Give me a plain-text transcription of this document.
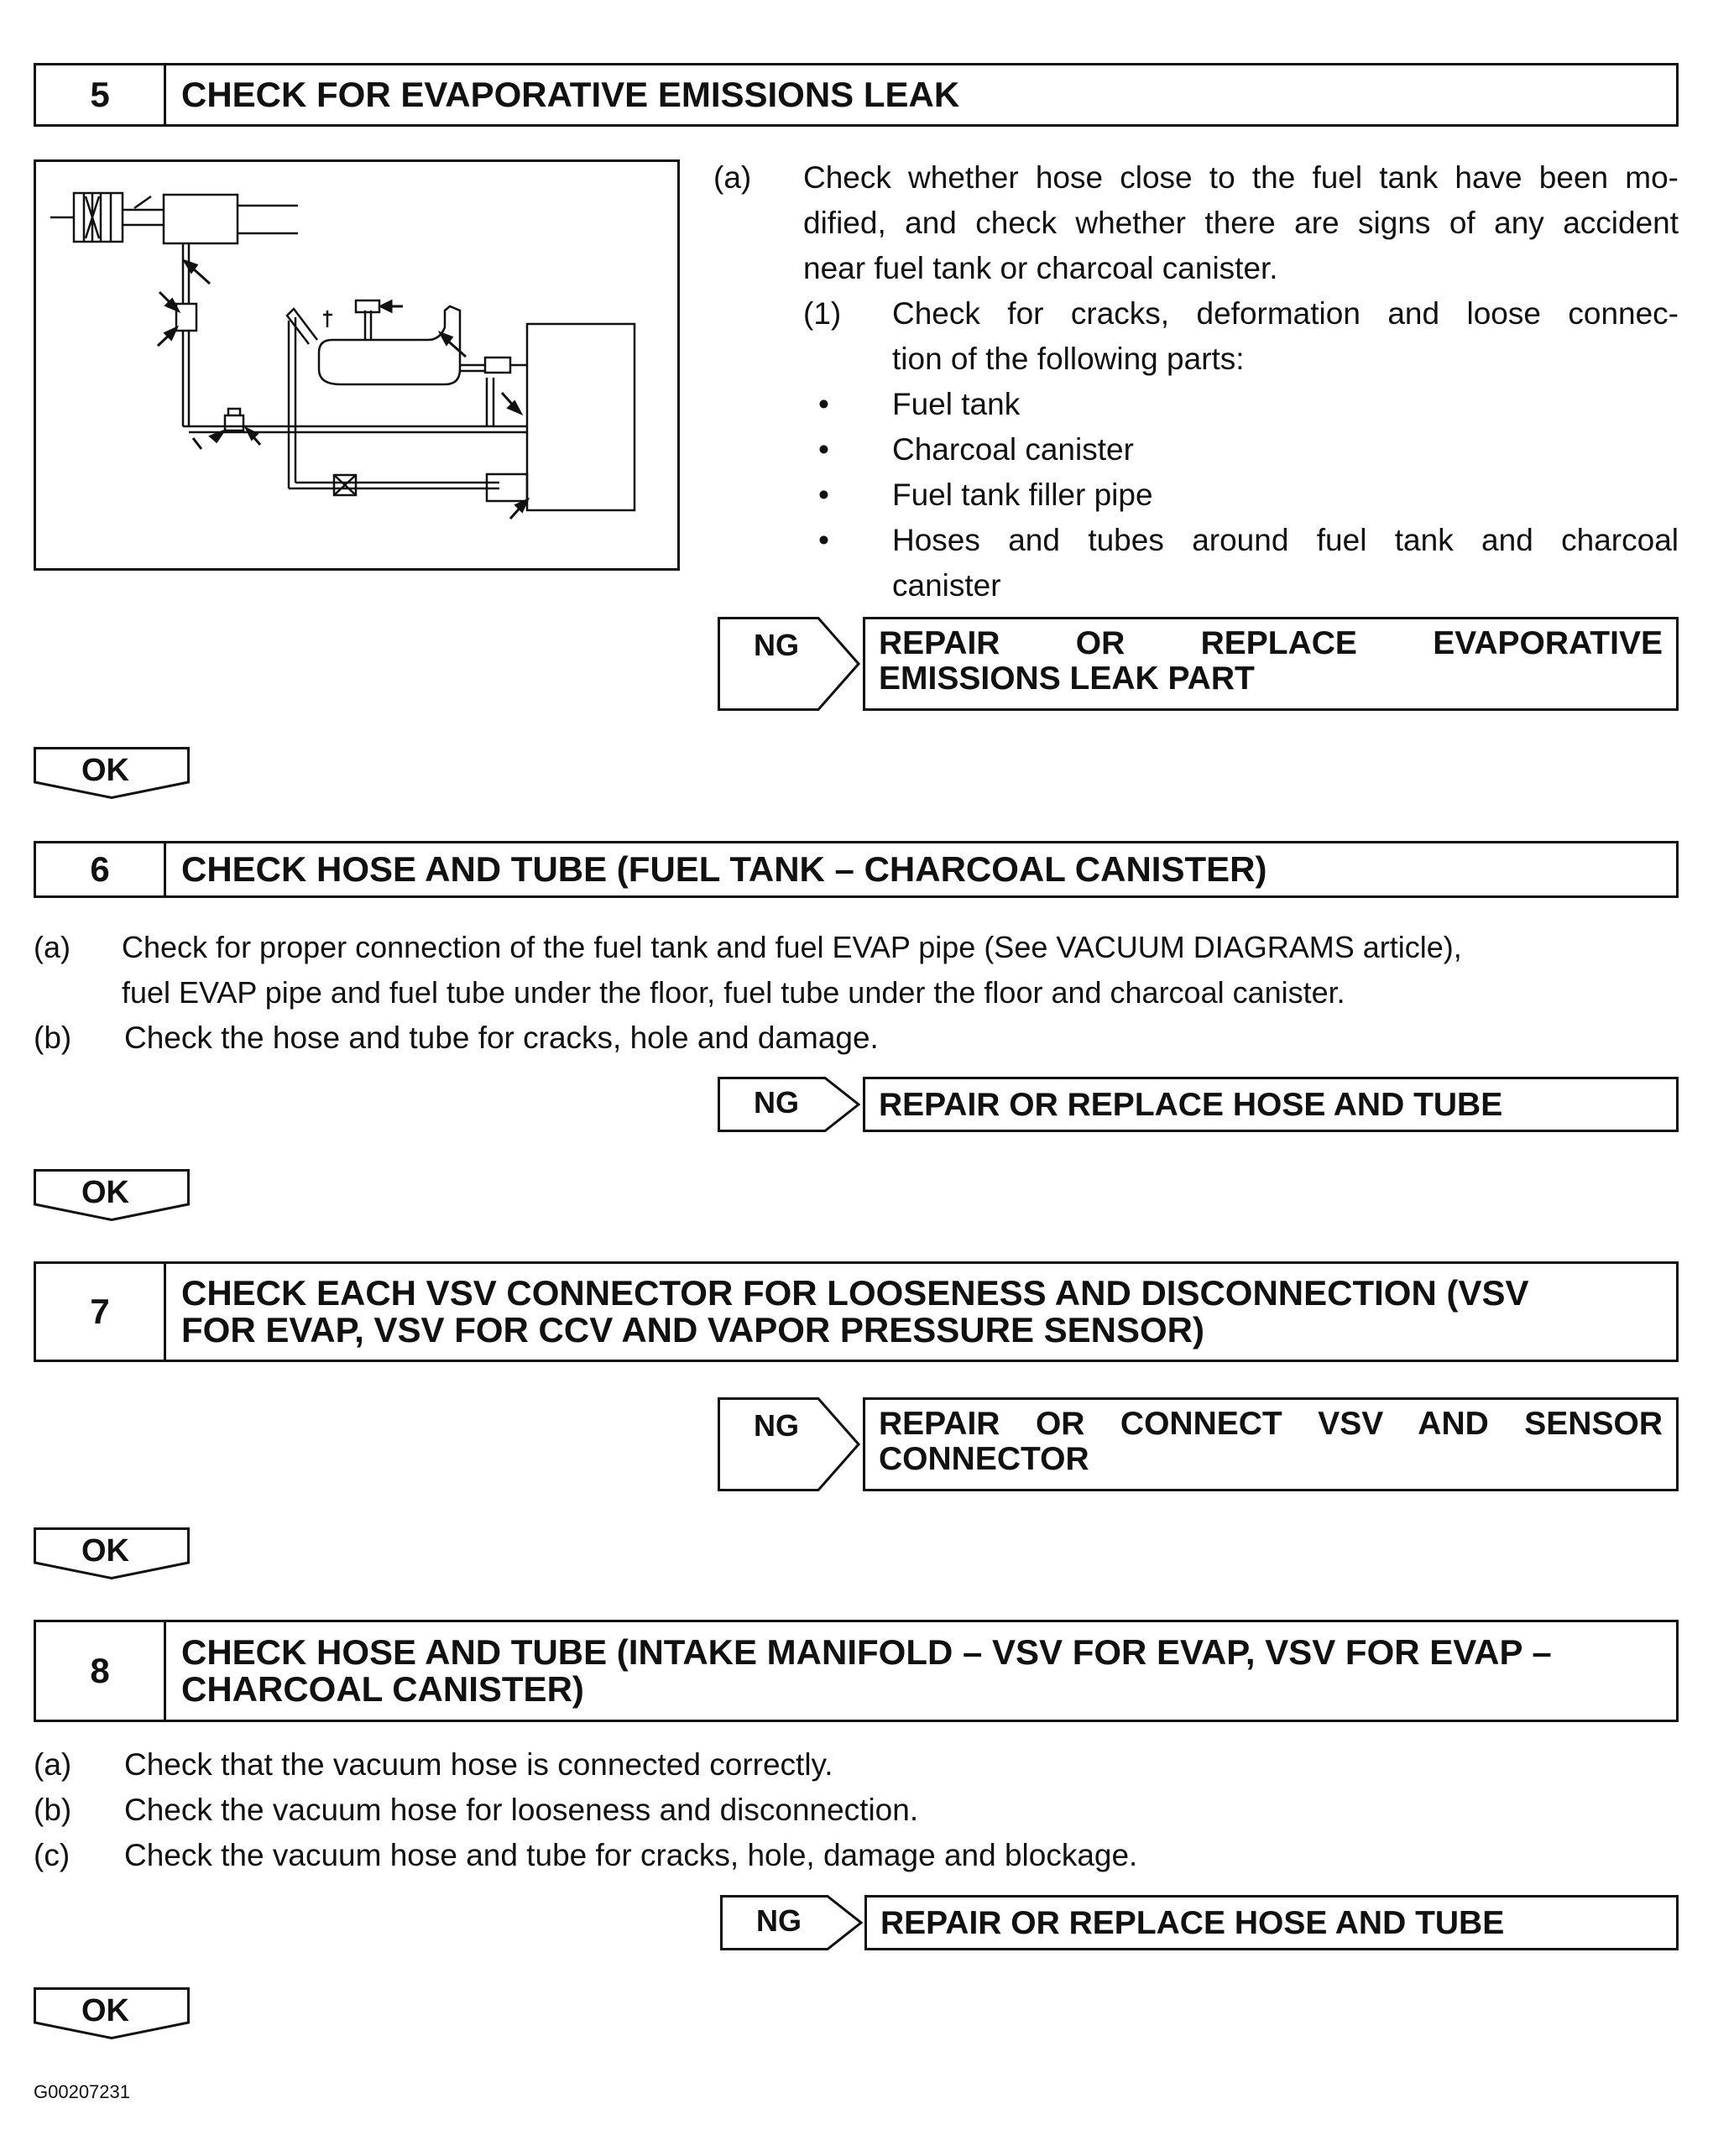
5	CHECK FOR EVAPORATIVE EMISSIONS LEAK
(a) Check whether hose close to the fuel tank have been mo-
dified, and check whether there are signs of any accident
near fuel tank or charcoal canister.
(1) Check for cracks, deformation and loose connec-
tion of the following parts:
• Fuel tank
• Charcoal canister
• Fuel tank filler pipe
• Hoses and tubes around fuel tank and charcoal
canister
NG REPAIR OR REPLACE EVAPORATIVE
EMISSIONS LEAK PART
OK
6	CHECK HOSE AND TUBE (FUEL TANK – CHARCOAL CANISTER)
(a) Check for proper connection of the fuel tank and fuel EVAP pipe (See VACUUM DIAGRAMS article),
fuel EVAP pipe and fuel tube under the floor, fuel tube under the floor and charcoal canister.
(b) Check the hose and tube for cracks, hole and damage.
NG REPAIR OR REPLACE HOSE AND TUBE
OK
7	CHECK EACH VSV CONNECTOR FOR LOOSENESS AND DISCONNECTION (VSV
FOR EVAP, VSV FOR CCV AND VAPOR PRESSURE SENSOR)
NG REPAIR OR CONNECT VSV AND SENSOR
CONNECTOR
OK
8	CHECK HOSE AND TUBE (INTAKE MANIFOLD – VSV FOR EVAP, VSV FOR EVAP –
CHARCOAL CANISTER)
(a) Check that the vacuum hose is connected correctly.
(b) Check the vacuum hose for looseness and disconnection.
(c) Check the vacuum hose and tube for cracks, hole, damage and blockage.
NG REPAIR OR REPLACE HOSE AND TUBE
OK
G00207231
